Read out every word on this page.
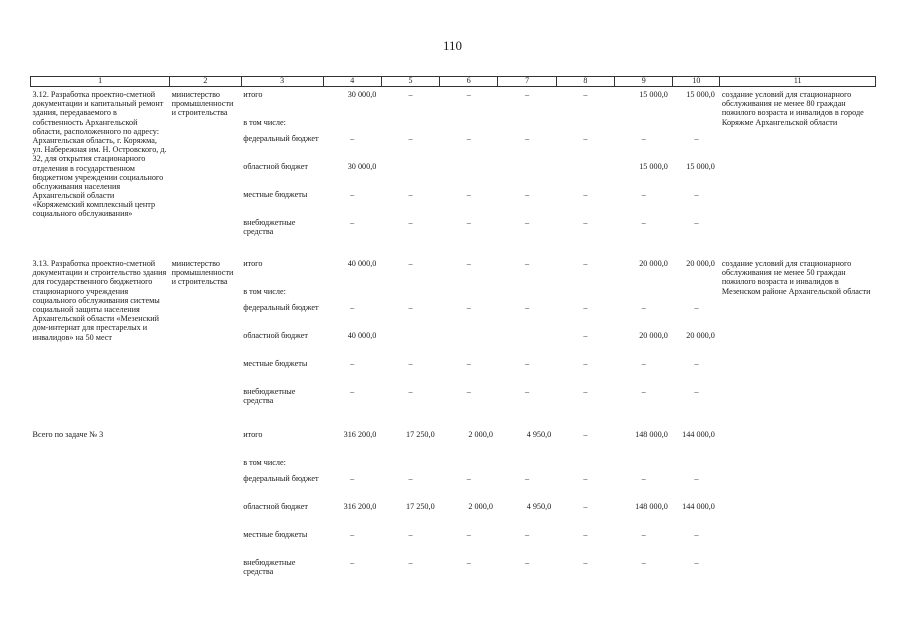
110
1	2	3	4	5	6	7	8	9	10	11
3.12. Разработка проектно-сметной документации и капитальный ремонт здания, передаваемого в собственность Архангельской области, расположенного по адресу: Архангельская область, г. Коряжма, ул. Набережная им. Н. Островского, д. 32, для открытия стационарного отделения в государственном бюджетном учреждении социального обслуживания населения Архангельской области «Коряжемский комплексный центр социального обслуживания»	министерство промышленности и строительства	итого	30 000,0	–	–	–	–	15 000,0	15 000,0	создание условий для стационарного обслуживания не менее 80 граждан пожилого возраста и инвалидов в городе Коряжме Архангельской области
		в том числе:								
		федеральный бюджет	–	–	–	–	–	–	–	
		областной бюджет	30 000,0					15 000,0	15 000,0	
		местные бюджеты	–	–	–	–	–	–	–	
		внебюджетные средства	–	–	–	–	–	–	–	

3.13. Разработка проектно-сметной документации и строительство здания для государственного бюджетного стационарного учреждения социального обслуживания системы социальной защиты населения Архангельской области «Мезенский дом-интернат для престарелых и инвалидов» на 50 мест	министерство промышленности и строительства	итого	40 000,0	–	–	–	–	20 000,0	20 000,0	создание условий для стационарного обслуживания не менее 50 граждан пожилого возраста и инвалидов в Мезенском районе Архангельской области
		в том числе:								
		федеральный бюджет	–	–	–	–	–	–	–	
		областной бюджет	40 000,0				–	20 000,0	20 000,0	
		местные бюджеты	–	–	–	–	–	–	–	
		внебюджетные средства	–	–	–	–	–	–	–	

Всего по задаче № 3		итого	316 200,0	17 250,0	2 000,0	4 950,0	–	148 000,0	144 000,0	
		в том числе:								
		федеральный бюджет	–	–	–	–	–	–	–	
		областной бюджет	316 200,0	17 250,0	2 000,0	4 950,0	–	148 000,0	144 000,0	
		местные бюджеты	–	–	–	–	–	–	–	
		внебюджетные средства	–	–	–	–	–	–	–	
